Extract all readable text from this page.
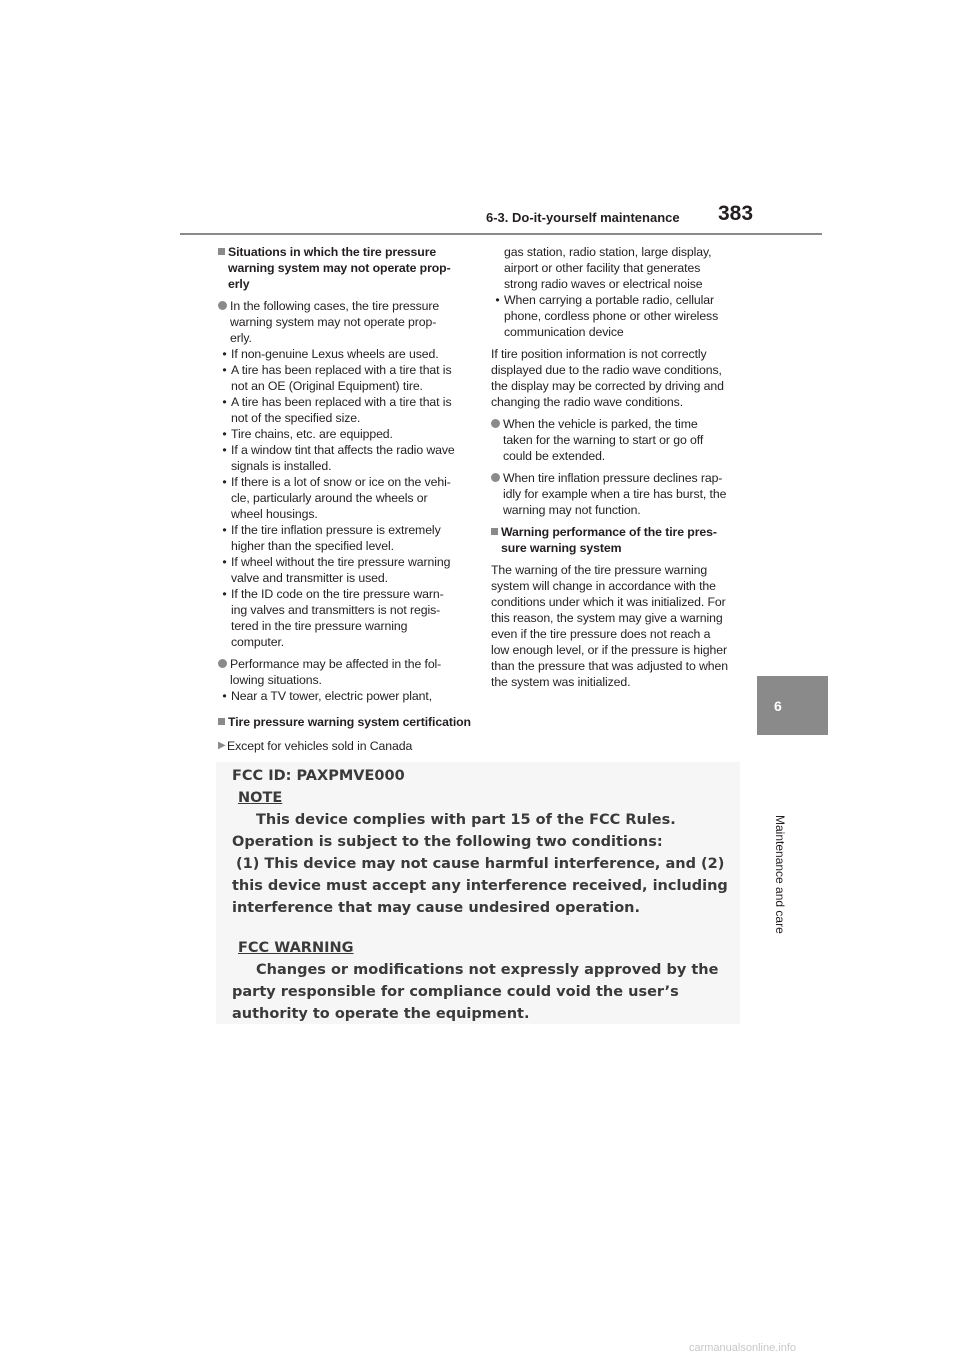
6-3. Do-it-yourself maintenance 383
6
Maintenance and care
Situations in which the tire pressure
warning system may not operate prop-
erly
In the following cases, the tire pressure
warning system may not operate prop-
erly.
• If non-genuine Lexus wheels are used.
• A tire has been replaced with a tire that is
not an OE (Original Equipment) tire.
• A tire has been replaced with a tire that is
not of the specified size.
• Tire chains, etc. are equipped.
• If a window tint that affects the radio wave
signals is installed.
• If there is a lot of snow or ice on the vehi-
cle, particularly around the wheels or
wheel housings.
• If the tire inflation pressure is extremely
higher than the specified level.
• If wheel without the tire pressure warning
valve and transmitter is used.
• If the ID code on the tire pressure warn-
ing valves and transmitters is not regis-
tered in the tire pressure warning
computer.
Performance may be affected in the fol-
lowing situations.
• Near a TV tower, electric power plant,
Tire pressure warning system certification
▶ Except for vehicles sold in Canada
gas station, radio station, large display,
airport or other facility that generates
strong radio waves or electrical noise
• When carrying a portable radio, cellular
phone, cordless phone or other wireless
communication device
If tire position information is not correctly
displayed due to the radio wave conditions,
the display may be corrected by driving and
changing the radio wave conditions.
When the vehicle is parked, the time
taken for the warning to start or go off
could be extended.
When tire inflation pressure declines rap-
idly for example when a tire has burst, the
warning may not function.
Warning performance of the tire pres-
sure warning system
The warning of the tire pressure warning
system will change in accordance with the
conditions under which it was initialized. For
this reason, the system may give a warning
even if the tire pressure does not reach a
low enough level, or if the pressure is higher
than the pressure that was adjusted to when
the system was initialized.
FCC ID: PAXPMVE000
NOTE
This device complies with part 15 of the FCC Rules.
Operation is subject to the following two conditions:
(1) This device may not cause harmful interference, and (2)
this device must accept any interference received, including
interference that may cause undesired operation.
FCC WARNING
Changes or modifications not expressly approved by the
party responsible for compliance could void the user’s
authority to operate the equipment.
carmanualsonline.info
